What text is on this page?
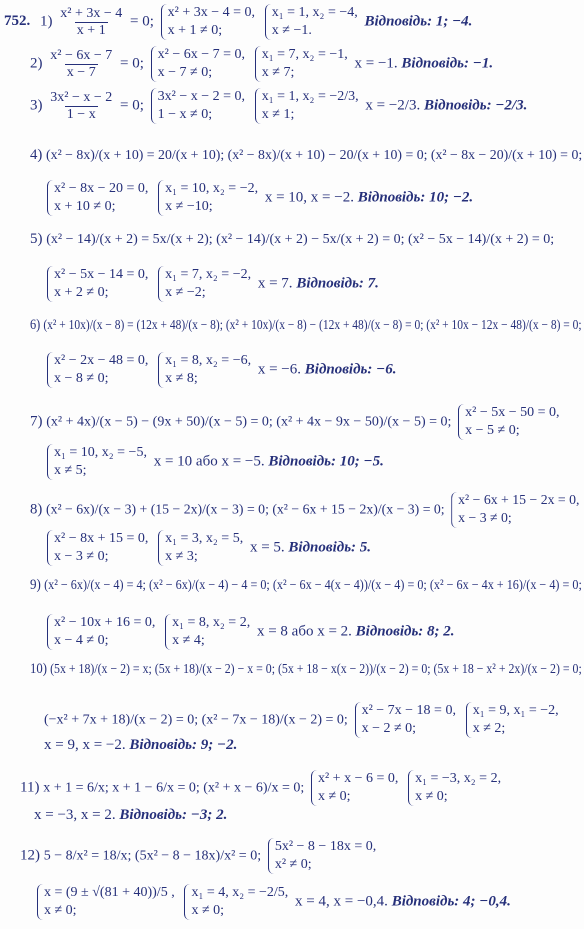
752. $1) \frac{\text{x² + 3x − 4}}{x + 1} = 0$;
x² + 3x − 4 = 0,
x + 1 ≠ 0;

x₁ = 1, x₂ = −4,
x ≠ −1.
Відповідь: 1; −4.
$2) \frac{\text{x² − 6x − 7}}{x - 7} = 0$;
x² − 6x − 7 = 0,
x − 7 ≠ 0;

x₁ = 7, x₂ = −1,
x ≠ 7;
x = −1. Відповідь: −1.
$3) \frac{\text{3x² − x − 2}}{1 - x} = 0$;
3x² − x − 2 = 0,
1 − x ≠ 0;

x₁ = 1, x₂ = −2/3,
x ≠ 1;
x = −2/3. Відповідь: −2/3.
4) (x² − 8x)/(x + 10) = 20/(x + 10); (x² − 8x)/(x + 10) − 20/(x + 10) = 0; (x² − 8x − 20)/(x + 10) = 0;
x² − 8x − 20 = 0,
x + 10 ≠ 0;

x₁ = 10, x₂ = −2,
x ≠ −10;
x = 10, x = −2. Відповідь: 10; −2.
5) (x² − 14)/(x + 2) = 5x/(x + 2); (x² − 14)/(x + 2) − 5x/(x + 2) = 0; (x² − 5x − 14)/(x + 2) = 0;
x² − 5x − 14 = 0,
x + 2 ≠ 0;

x₁ = 7, x₂ = −2,
x ≠ −2;
x = 7. Відповідь: 7.
6) (x² + 10x)/(x − 8) = (12x + 48)/(x − 8); (x² + 10x)/(x − 8) − (12x + 48)/(x − 8) = 0; (x² + 10x − 12x − 48)/(x − 8) = 0;
x² − 2x − 48 = 0,
x − 8 ≠ 0;

x₁ = 8, x₂ = −6,
x ≠ 8;
x = −6. Відповідь: −6.
7) (x² + 4x)/(x − 5) − (9x + 50)/(x − 5) = 0; (x² + 4x − 9x − 50)/(x − 5) = 0;
x² − 5x − 50 = 0,
x − 5 ≠ 0;
x₁ = 10, x₂ = −5,
x ≠ 5;
x = 10 або x = −5. Відповідь: 10; −5.
8) (x² − 6x)/(x − 3) + (15 − 2x)/(x − 3) = 0; (x² − 6x + 15 − 2x)/(x − 3) = 0;
x² − 6x + 15 − 2x = 0,
x − 3 ≠ 0;
x² − 8x + 15 = 0,
x − 3 ≠ 0;

x₁ = 3, x₂ = 5,
x ≠ 3;
x = 5. Відповідь: 5.
9) (x² − 6x)/(x − 4) = 4; (x² − 6x)/(x − 4) − 4 = 0; (x² − 6x − 4(x − 4))/(x − 4) = 0; (x² − 6x − 4x + 16)/(x − 4) = 0;
x² − 10x + 16 = 0,
x − 4 ≠ 0;

x₁ = 8, x₂ = 2,
x ≠ 4;
x = 8 або x = 2. Відповідь: 8; 2.
10) (5x + 18)/(x − 2) = x; (5x + 18)/(x − 2) − x = 0; (5x + 18 − x(x − 2))/(x − 2) = 0; (5x + 18 − x² + 2x)/(x − 2) = 0;
(−x² + 7x + 18)/(x − 2) = 0; (x² − 7x − 18)/(x − 2) = 0;
x² − 7x − 18 = 0,
x − 2 ≠ 0;

x₁ = 9, x₁ = −2,
x ≠ 2;
x = 9, x = −2. Відповідь: 9; −2.
11) x + 1 = 6/x; x + 1 − 6/x = 0; (x² + x − 6)/x = 0;
x² + x − 6 = 0,
x ≠ 0;

x₁ = −3, x₂ = 2,
x ≠ 0;
x = −3, x = 2. Відповідь: −3; 2.
12) 5 − 8/x² = 18/x; (5x² − 8 − 18x)/x² = 0;
5x² − 8 − 18x = 0,
x² ≠ 0;
x = (9 ± √(81 + 40))/5 ,
x ≠ 0;

x₁ = 4, x₂ = −2/5,
x ≠ 0;
x = 4, x = −0,4. Відповідь: 4; −0,4.
